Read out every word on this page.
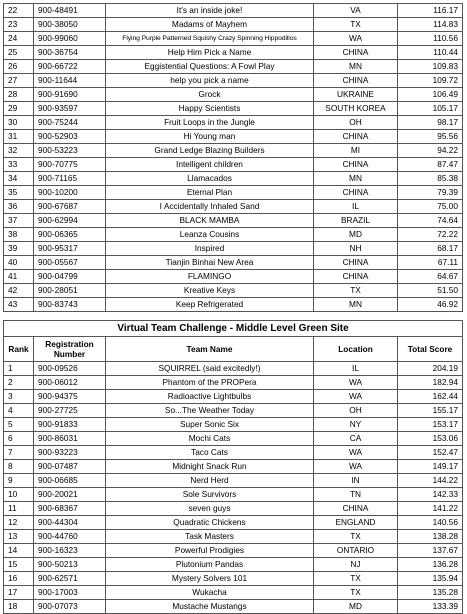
22	900-48491	It's an inside joke!	VA	116.17
23	900-38050	Madams of Mayhem	TX	114.83
24	900-99060	Flying Purple Patterned Squishy Crazy Spinning Hippodillos	WA	110.56
25	900-36754	Help Him Pick a Name	CHINA	110.44
26	900-66722	Eggistential Questions: A Fowl Play	MN	109.83
27	900-11644	help you pick a name	CHINA	109.72
28	900-91690	Grock	UKRAINE	106.49
29	900-93597	Happy Scientists	SOUTH KOREA	105.17
30	900-75244	Fruit Loops in the Jungle	OH	98.17
31	900-52903	Hi Young man	CHINA	95.56
32	900-53223	Grand Ledge Blazing Builders	MI	94.22
33	900-70775	Intelligent children	CHINA	87.47
34	900-71165	Llamacados	MN	85.38
35	900-10200	Eternal Plan	CHINA	79.39
36	900-67687	I Accidentally Inhaled Sand	IL	75.00
37	900-62994	BLACK MAMBA	BRAZIL	74.64
38	900-06365	Leanza Cousins	MD	72.22
39	900-95317	Inspired	NH	68.17
40	900-05567	Tianjin Binhai New Area	CHINA	67.11
41	900-04799	FLAMINGO	CHINA	64.67
42	900-28051	Kreative Keys	TX	51.50
43	900-83743	Keep Refrigerated	MN	46.92
Virtual Team Challenge - Middle Level Green Site				
Rank	Registration Number	Team Name	Location	Total Score
1	900-09526	SQUIRREL (said excitedly!)	IL	204.19
2	900-06012	Phantom of the PROPera	WA	182.94
3	900-94375	Radioactive Lightbulbs	WA	162.44
4	900-27725	So...The Weather Today	OH	155.17
5	900-91833	Super Sonic Six	NY	153.17
6	900-86031	Mochi Cats	CA	153.06
7	900-93223	Taco Cats	WA	152.47
8	900-07487	Midnight Snack Run	WA	149.17
9	900-06685	Nerd Herd	IN	144.22
10	900-20021	Sole Survivors	TN	142.33
11	900-68367	seven guys	CHINA	141.22
12	900-44304	Quadratic Chickens	ENGLAND	140.56
13	900-44760	Task Masters	TX	138.28
14	900-16323	Powerful Prodigies	ONTARIO	137.67
15	900-50213	Plutonium Pandas	NJ	136.28
16	900-62571	Mystery Solvers 101	TX	135.94
17	900-17003	Wukacha	TX	135.28
18	900-07073	Mustache Mustangs	MD	133.39
